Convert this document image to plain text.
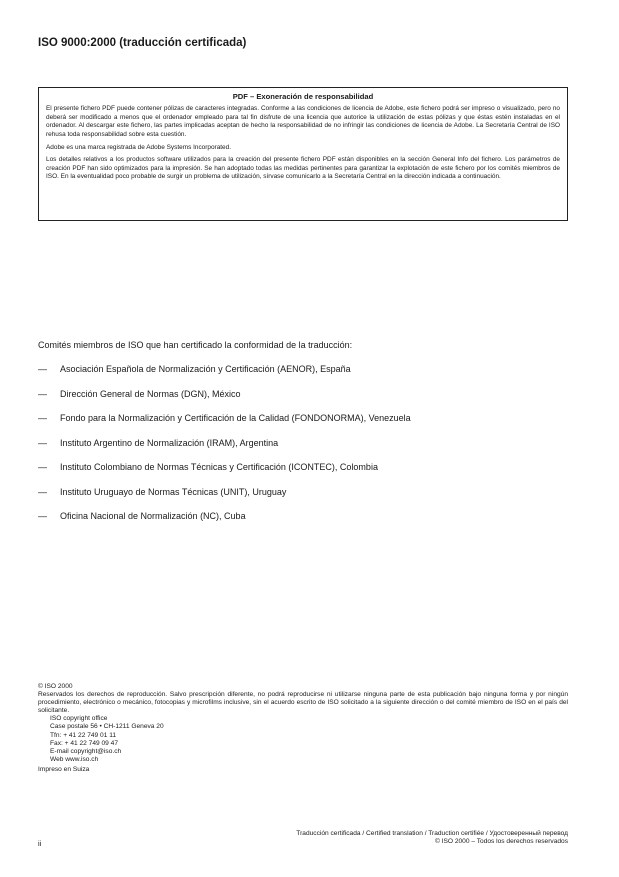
ISO 9000:2000 (traducción certificada)
PDF – Exoneración de responsabilidad

El presente fichero PDF puede contener pólizas de caracteres integradas. Conforme a las condiciones de licencia de Adobe, este fichero podrá ser impreso o visualizado, pero no deberá ser modificado a menos que el ordenador empleado para tal fin disfrute de una licencia que autorice la utilización de estas pólizas y que éstas estén instaladas en el ordenador. Al descargar este fichero, las partes implicadas aceptan de hecho la responsabilidad de no infringir las condiciones de licencia de Adobe. La Secretaría Central de ISO rehusa toda responsabilidad sobre esta cuestión.

Adobe es una marca registrada de Adobe Systems Incorporated.

Los detalles relativos a los productos software utilizados para la creación del presente fichero PDF están disponibles en la sección General Info del fichero. Los parámetros de creación PDF han sido optimizados para la impresión. Se han adoptado todas las medidas pertinentes para garantizar la explotación de este fichero por los comités miembros de ISO. En la eventualidad poco probable de surgir un problema de utilización, sírvase comunicarlo a la Secretaría Central en la dirección indicada a continuación.

Comités miembros de ISO que han certificado la conformidad de la traducción:
— Asociación Española de Normalización y Certificación (AENOR), España
— Dirección General de Normas (DGN), México
— Fondo para la Normalización y Certificación de la Calidad (FONDONORMA), Venezuela
— Instituto Argentino de Normalización (IRAM), Argentina
— Instituto Colombiano de Normas Técnicas y Certificación (ICONTEC), Colombia
— Instituto Uruguayo de Normas Técnicas (UNIT), Uruguay
— Oficina Nacional de Normalización (NC), Cuba
© ISO 2000
Reservados los derechos de reproducción. Salvo prescripción diferente, no podrá reproducirse ni utilizarse ninguna parte de esta publicación bajo ninguna forma y por ningún procedimiento, electrónico o mecánico, fotocopias y microfilms inclusive, sin el acuerdo escrito de ISO solicitado a la siguiente dirección o del comité miembro de ISO en el país del solicitante.
ISO copyright office
Case postale 56 • CH-1211 Geneva 20
Tfn: + 41 22 749 01 11
Fax: + 41 22 749 09 47
E-mail copyright@iso.ch
Web www.iso.ch
Impreso en Suiza
Traducción certificada / Certified translation / Traduction certifiée / Удостоверенный перевод
© ISO 2000 – Todos los derechos reservados
ii
